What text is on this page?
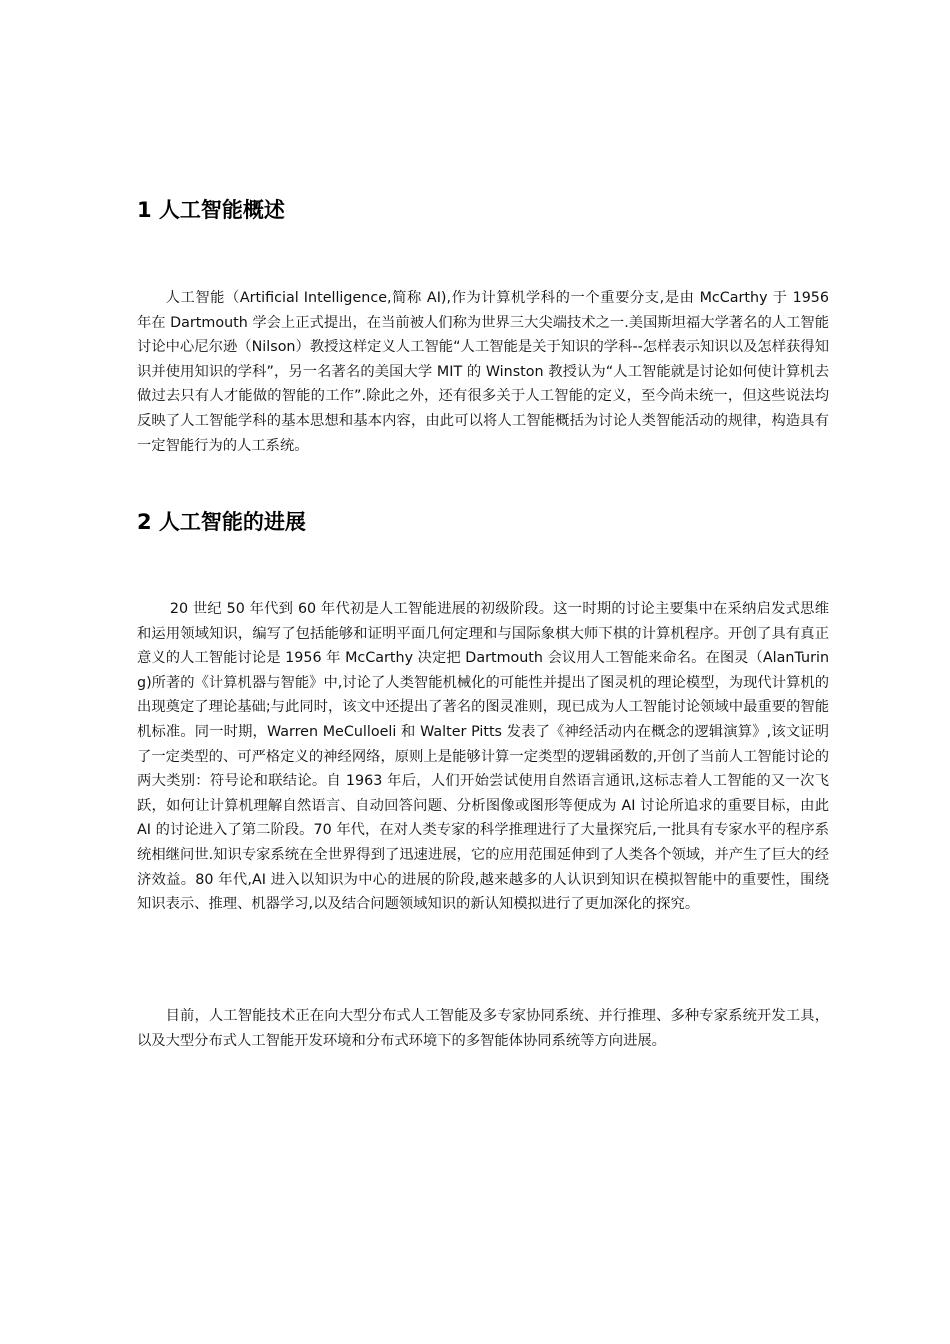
1 人工智能概述

人工智能（Artificial Intelligence,简称 AI),作为计算机学科的一个重要分支,是由 McCarthy 于 1956 年在 Dartmouth 学会上正式提出，在当前被人们称为世界三大尖端技术之一.美国斯坦福大学著名的人工智能讨论中心尼尔逊（Nilson）教授这样定义人工智能“人工智能是关于知识的学科--怎样表示知识以及怎样获得知识并使用知识的学科”，另一名著名的美国大学 MIT 的 Winston 教授认为“人工智能就是讨论如何使计算机去做过去只有人才能做的智能的工作”.除此之外，还有很多关于人工智能的定义，至今尚未统一，但这些说法均反映了人工智能学科的基本思想和基本内容，由此可以将人工智能概括为讨论人类智能活动的规律，构造具有一定智能行为的人工系统。

2 人工智能的进展

20 世纪 50 年代到 60 年代初是人工智能进展的初级阶段。这一时期的讨论主要集中在采纳启发式思维和运用领域知识，编写了包括能够和证明平面几何定理和与国际象棋大师下棋的计算机程序。开创了具有真正意义的人工智能讨论是 1956 年 McCarthy 决定把 Dartmouth 会议用人工智能来命名。在图灵（AlanTuring)所著的《计算机器与智能》中,讨论了人类智能机械化的可能性并提出了图灵机的理论模型，为现代计算机的出现奠定了理论基础;与此同时，该文中还提出了著名的图灵准则，现已成为人工智能讨论领域中最重要的智能机标准。同一时期，Warren MeCulloeli 和 Walter Pitts 发表了《神经活动内在概念的逻辑演算》,该文证明了一定类型的、可严格定义的神经网络，原则上是能够计算一定类型的逻辑函数的,开创了当前人工智能讨论的两大类别：符号论和联结论。自 1963 年后，人们开始尝试使用自然语言通讯,这标志着人工智能的又一次飞跃，如何让计算机理解自然语言、自动回答问题、分析图像或图形等便成为 AI 讨论所追求的重要目标，由此 AI 的讨论进入了第二阶段。70 年代，在对人类专家的科学推理进行了大量探究后,一批具有专家水平的程序系统相继问世.知识专家系统在全世界得到了迅速进展，它的应用范围延伸到了人类各个领域，并产生了巨大的经济效益。80 年代,AI 进入以知识为中心的进展的阶段,越来越多的人认识到知识在模拟智能中的重要性，围绕知识表示、推理、机器学习,以及结合问题领域知识的新认知模拟进行了更加深化的探究。

目前，人工智能技术正在向大型分布式人工智能及多专家协同系统、并行推理、多种专家系统开发工具，以及大型分布式人工智能开发环境和分布式环境下的多智能体协同系统等方向进展。
